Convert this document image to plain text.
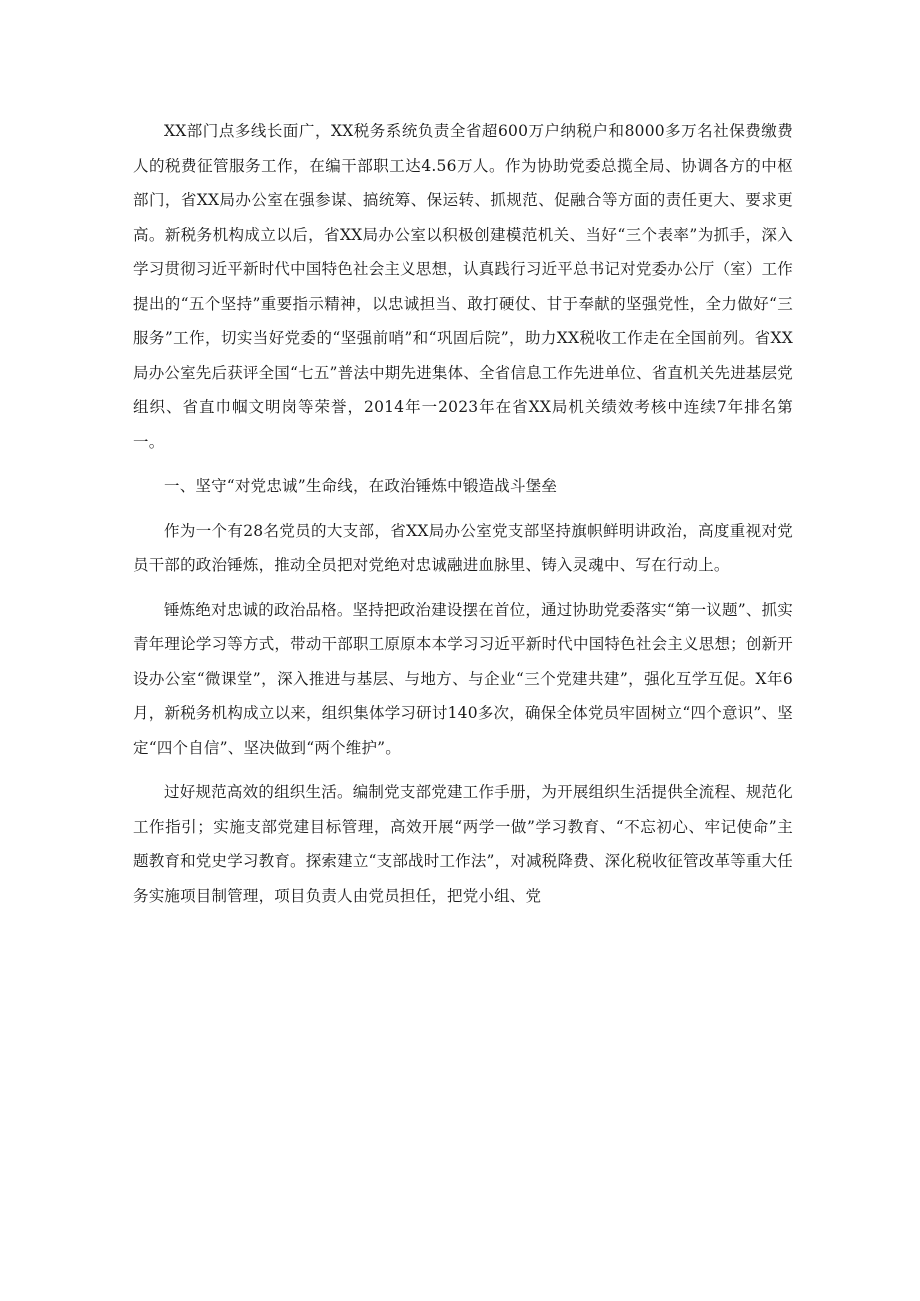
XX部门点多线长面广，XX税务系统负责全省超600万户纳税户和8000多万名社保费缴费人的税费征管服务工作，在编干部职工达4.56万人。作为协助党委总揽全局、协调各方的中枢部门，省XX局办公室在强参谋、搞统筹、保运转、抓规范、促融合等方面的责任更大、要求更高。新税务机构成立以后，省XX局办公室以积极创建模范机关、当好“三个表率”为抓手，深入学习贯彻习近平新时代中国特色社会主义思想，认真践行习近平总书记对党委办公厅（室）工作提出的“五个坚持”重要指示精神，以忠诚担当、敢打硬仗、甘于奉献的坚强党性，全力做好“三服务”工作，切实当好党委的“坚强前哨”和“巩固后院”，助力XX税收工作走在全国前列。省XX局办公室先后获评全国“七五”普法中期先进集体、全省信息工作先进单位、省直机关先进基层党组织、省直巾帼文明岗等荣誉，2014年一2023年在省XX局机关绩效考核中连续7年排名第一。

一、坚守“对党忠诚”生命线，在政治锤炼中锻造战斗堡垒

作为一个有28名党员的大支部，省XX局办公室党支部坚持旗帜鲜明讲政治，高度重视对党员干部的政治锤炼，推动全员把对党绝对忠诚融进血脉里、铸入灵魂中、写在行动上。

锤炼绝对忠诚的政治品格。坚持把政治建设摆在首位，通过协助党委落实“第一议题”、抓实青年理论学习等方式，带动干部职工原原本本学习习近平新时代中国特色社会主义思想；创新开设办公室“微课堂”，深入推进与基层、与地方、与企业“三个党建共建”，强化互学互促。X年6月，新税务机构成立以来，组织集体学习研讨140多次，确保全体党员牢固树立“四个意识”、坚定“四个自信”、坚决做到“两个维护”。

过好规范高效的组织生活。编制党支部党建工作手册，为开展组织生活提供全流程、规范化工作指引；实施支部党建目标管理，高效开展“两学一做”学习教育、“不忘初心、牢记使命”主题教育和党史学习教育。探索建立“支部战时工作法”，对减税降费、深化税收征管改革等重大任务实施项目制管理，项目负责人由党员担任，把党小组、党
